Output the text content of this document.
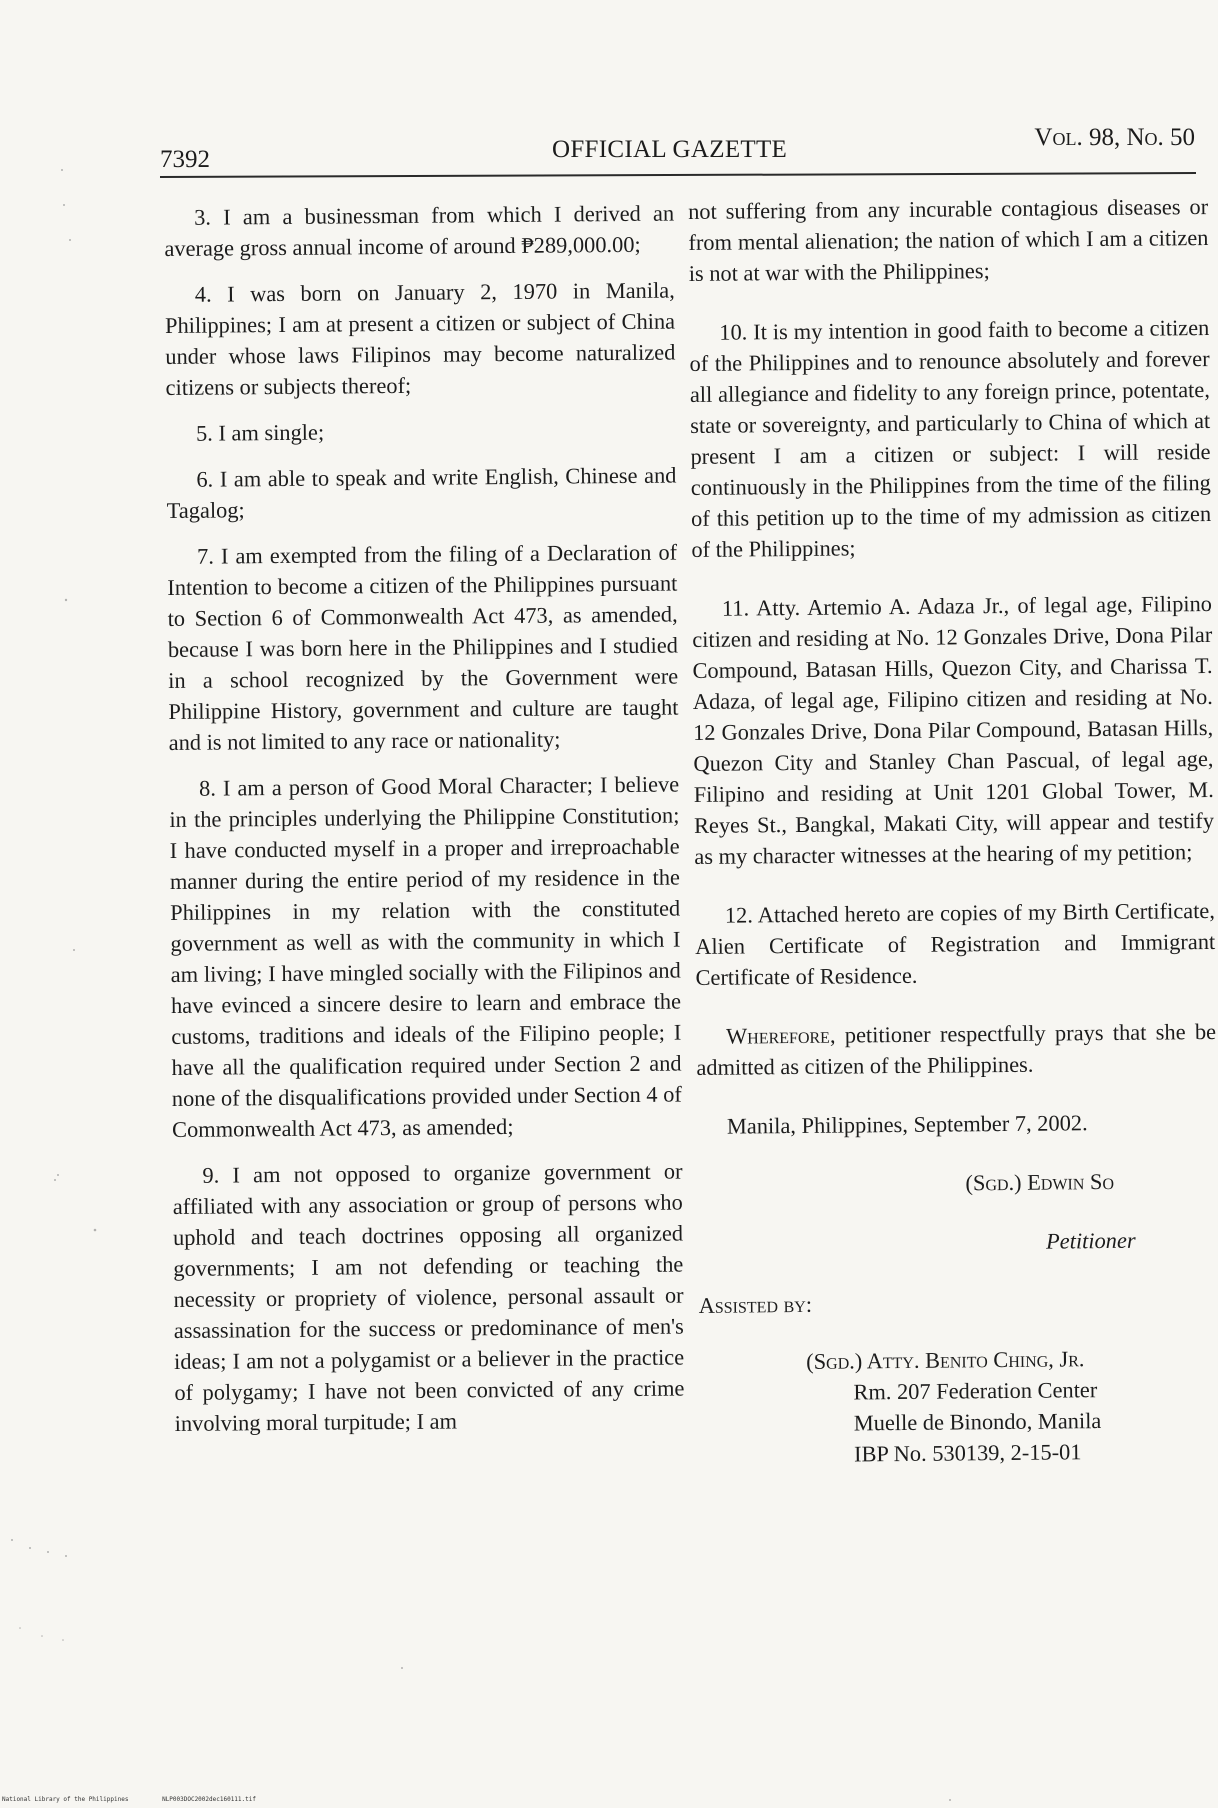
7392	OFFICIAL GAZETTE	Vol. 98, No. 50

3. I am a businessman from which I derived an average gross annual income of around ₱289,000.00;

4. I was born on January 2, 1970 in Manila, Philippines; I am at present a citizen or subject of China under whose laws Filipinos may become naturalized citizens or subjects thereof;

5. I am single;

6. I am able to speak and write English, Chinese and Tagalog;

7. I am exempted from the filing of a Declaration of Intention to become a citizen of the Philippines pursuant to Section 6 of Commonwealth Act 473, as amended, because I was born here in the Philippines and I studied in a school recognized by the Government were Philippine History, government and culture are taught and is not limited to any race or nationality;

8. I am a person of Good Moral Character; I believe in the principles underlying the Philippine Constitution; I have conducted myself in a proper and irreproachable manner during the entire period of my residence in the Philippines in my relation with the constituted government as well as with the community in which I am living; I have mingled socially with the Filipinos and have evinced a sincere desire to learn and embrace the customs, traditions and ideals of the Filipino people; I have all the qualification required under Section 2 and none of the disqualifications provided under Section 4 of Commonwealth Act 473, as amended;

9. I am not opposed to organize government or affiliated with any association or group of persons who uphold and teach doctrines opposing all organized governments; I am not defending or teaching the necessity or propriety of violence, personal assault or assassination for the success or predominance of men's ideas; I am not a polygamist or a believer in the practice of polygamy; I have not been convicted of any crime involving moral turpitude; I am

not suffering from any incurable contagious diseases or from mental alienation; the nation of which I am a citizen is not at war with the Philippines;

10. It is my intention in good faith to become a citizen of the Philippines and to renounce absolutely and forever all allegiance and fidelity to any foreign prince, potentate, state or sovereignty, and particularly to China of which at present I am a citizen or subject: I will reside continuously in the Philippines from the time of the filing of this petition up to the time of my admission as citizen of the Philippines;

11. Atty. Artemio A. Adaza Jr., of legal age, Filipino citizen and residing at No. 12 Gonzales Drive, Dona Pilar Compound, Batasan Hills, Quezon City, and Charissa T. Adaza, of legal age, Filipino citizen and residing at No. 12 Gonzales Drive, Dona Pilar Compound, Batasan Hills, Quezon City and Stanley Chan Pascual, of legal age, Filipino and residing at Unit 1201 Global Tower, M. Reyes St., Bangkal, Makati City, will appear and testify as my character witnesses at the hearing of my petition;

12. Attached hereto are copies of my Birth Certificate, Alien Certificate of Registration and Immigrant Certificate of Residence.

Wherefore, petitioner respectfully prays that she be admitted as citizen of the Philippines.

Manila, Philippines, September 7, 2002.

(Sgd.) Edwin So

Petitioner

Assisted by:

(Sgd.) Atty. Benito Ching, Jr.
Rm. 207 Federation Center
Muelle de Binondo, Manila
IBP No. 530139, 2-15-01
National Library of the Philippines	NLP003DOC2002dec160111.tif
